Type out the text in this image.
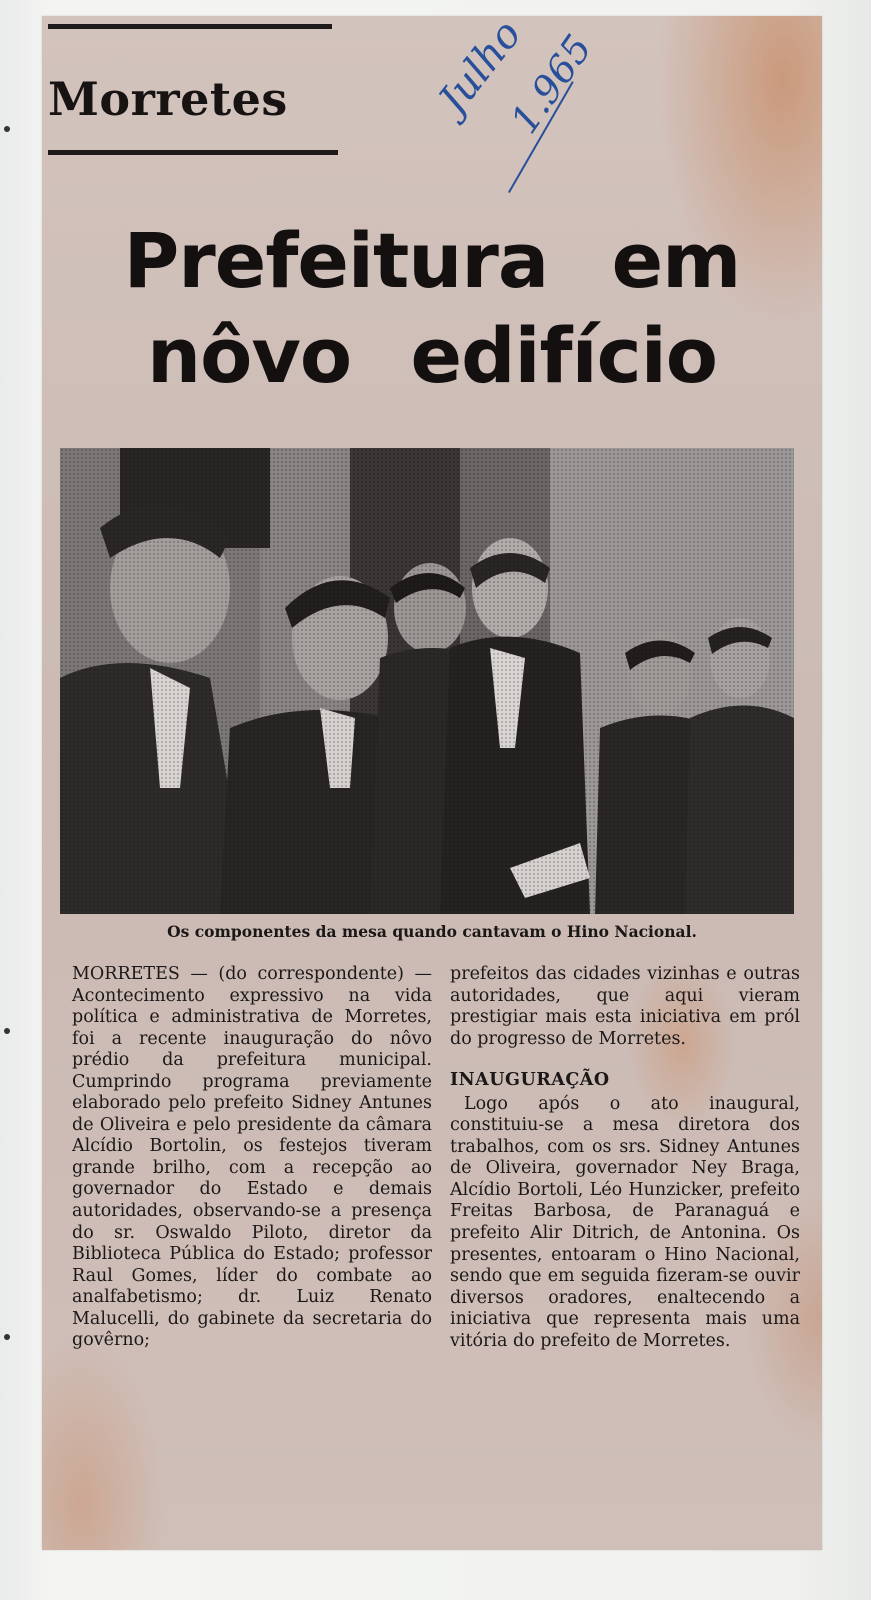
Morretes	Julho
1.965
Prefeitura em
nôvo edifício
Os componentes da mesa quando cantavam o Hino Nacional.
MORRETES — (do correspondente) — Acontecimento expressivo na vida política e administrativa de Morretes, foi a recente inauguração do nôvo prédio da prefeitura municipal. Cumprindo programa previamente elaborado pelo prefeito Sidney Antunes de Oliveira e pelo presidente da câmara Alcídio Bortolin, os festejos tiveram grande brilho, com a recepção ao governador do Estado e demais autoridades, observando-se a presença do sr. Oswaldo Piloto, diretor da Biblioteca Pública do Estado; professor Raul Gomes, líder do combate ao analfabetismo; dr. Luiz Renato Malucelli, do gabinete da secretaria do govêrno;
prefeitos das cidades vizinhas e outras autoridades, que aqui vieram prestigiar mais esta iniciativa em pról do progresso de Morretes.
INAUGURAÇÃO
Logo após o ato inaugural, constituiu-se a mesa diretora dos trabalhos, com os srs. Sidney Antunes de Oliveira, governador Ney Braga, Alcídio Bortoli, Léo Hunzicker, prefeito Freitas Barbosa, de Paranaguá e prefeito Alir Ditrich, de Antonina. Os presentes, entoaram o Hino Nacional, sendo que em seguida fizeram-se ouvir diversos oradores, enaltecendo a iniciativa que representa mais uma vitória do prefeito de Morretes.
